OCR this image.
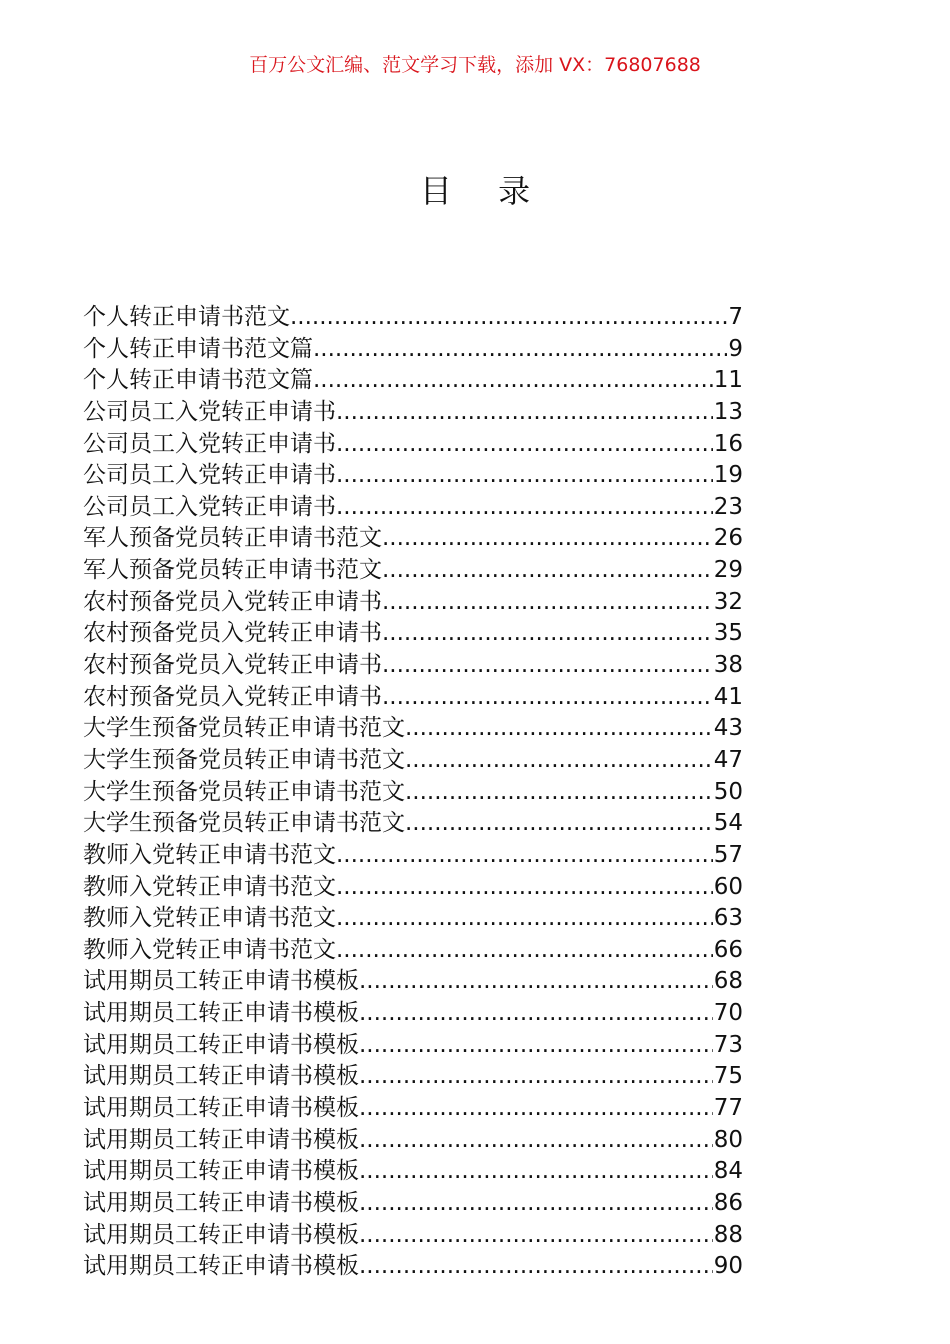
百万公文汇编、范文学习下载，添加 VX：76807688
目 录
个人转正申请书范文 .....	7
个人转正申请书范文篇 .....	9
个人转正申请书范文篇 .....	11
公司员工入党转正申请书 .....	13
公司员工入党转正申请书 .....	16
公司员工入党转正申请书 .....	19
公司员工入党转正申请书 .....	23
军人预备党员转正申请书范文 .....	26
军人预备党员转正申请书范文 .....	29
农村预备党员入党转正申请书 .....	32
农村预备党员入党转正申请书 .....	35
农村预备党员入党转正申请书 .....	38
农村预备党员入党转正申请书 .....	41
大学生预备党员转正申请书范文 .....	43
大学生预备党员转正申请书范文 .....	47
大学生预备党员转正申请书范文 .....	50
大学生预备党员转正申请书范文 .....	54
教师入党转正申请书范文 .....	57
教师入党转正申请书范文 .....	60
教师入党转正申请书范文 .....	63
教师入党转正申请书范文 .....	66
试用期员工转正申请书模板 .....	68
试用期员工转正申请书模板 .....	70
试用期员工转正申请书模板 .....	73
试用期员工转正申请书模板 .....	75
试用期员工转正申请书模板 .....	77
试用期员工转正申请书模板 .....	80
试用期员工转正申请书模板 .....	84
试用期员工转正申请书模板 .....	86
试用期员工转正申请书模板 .....	88
试用期员工转正申请书模板 .....	90
